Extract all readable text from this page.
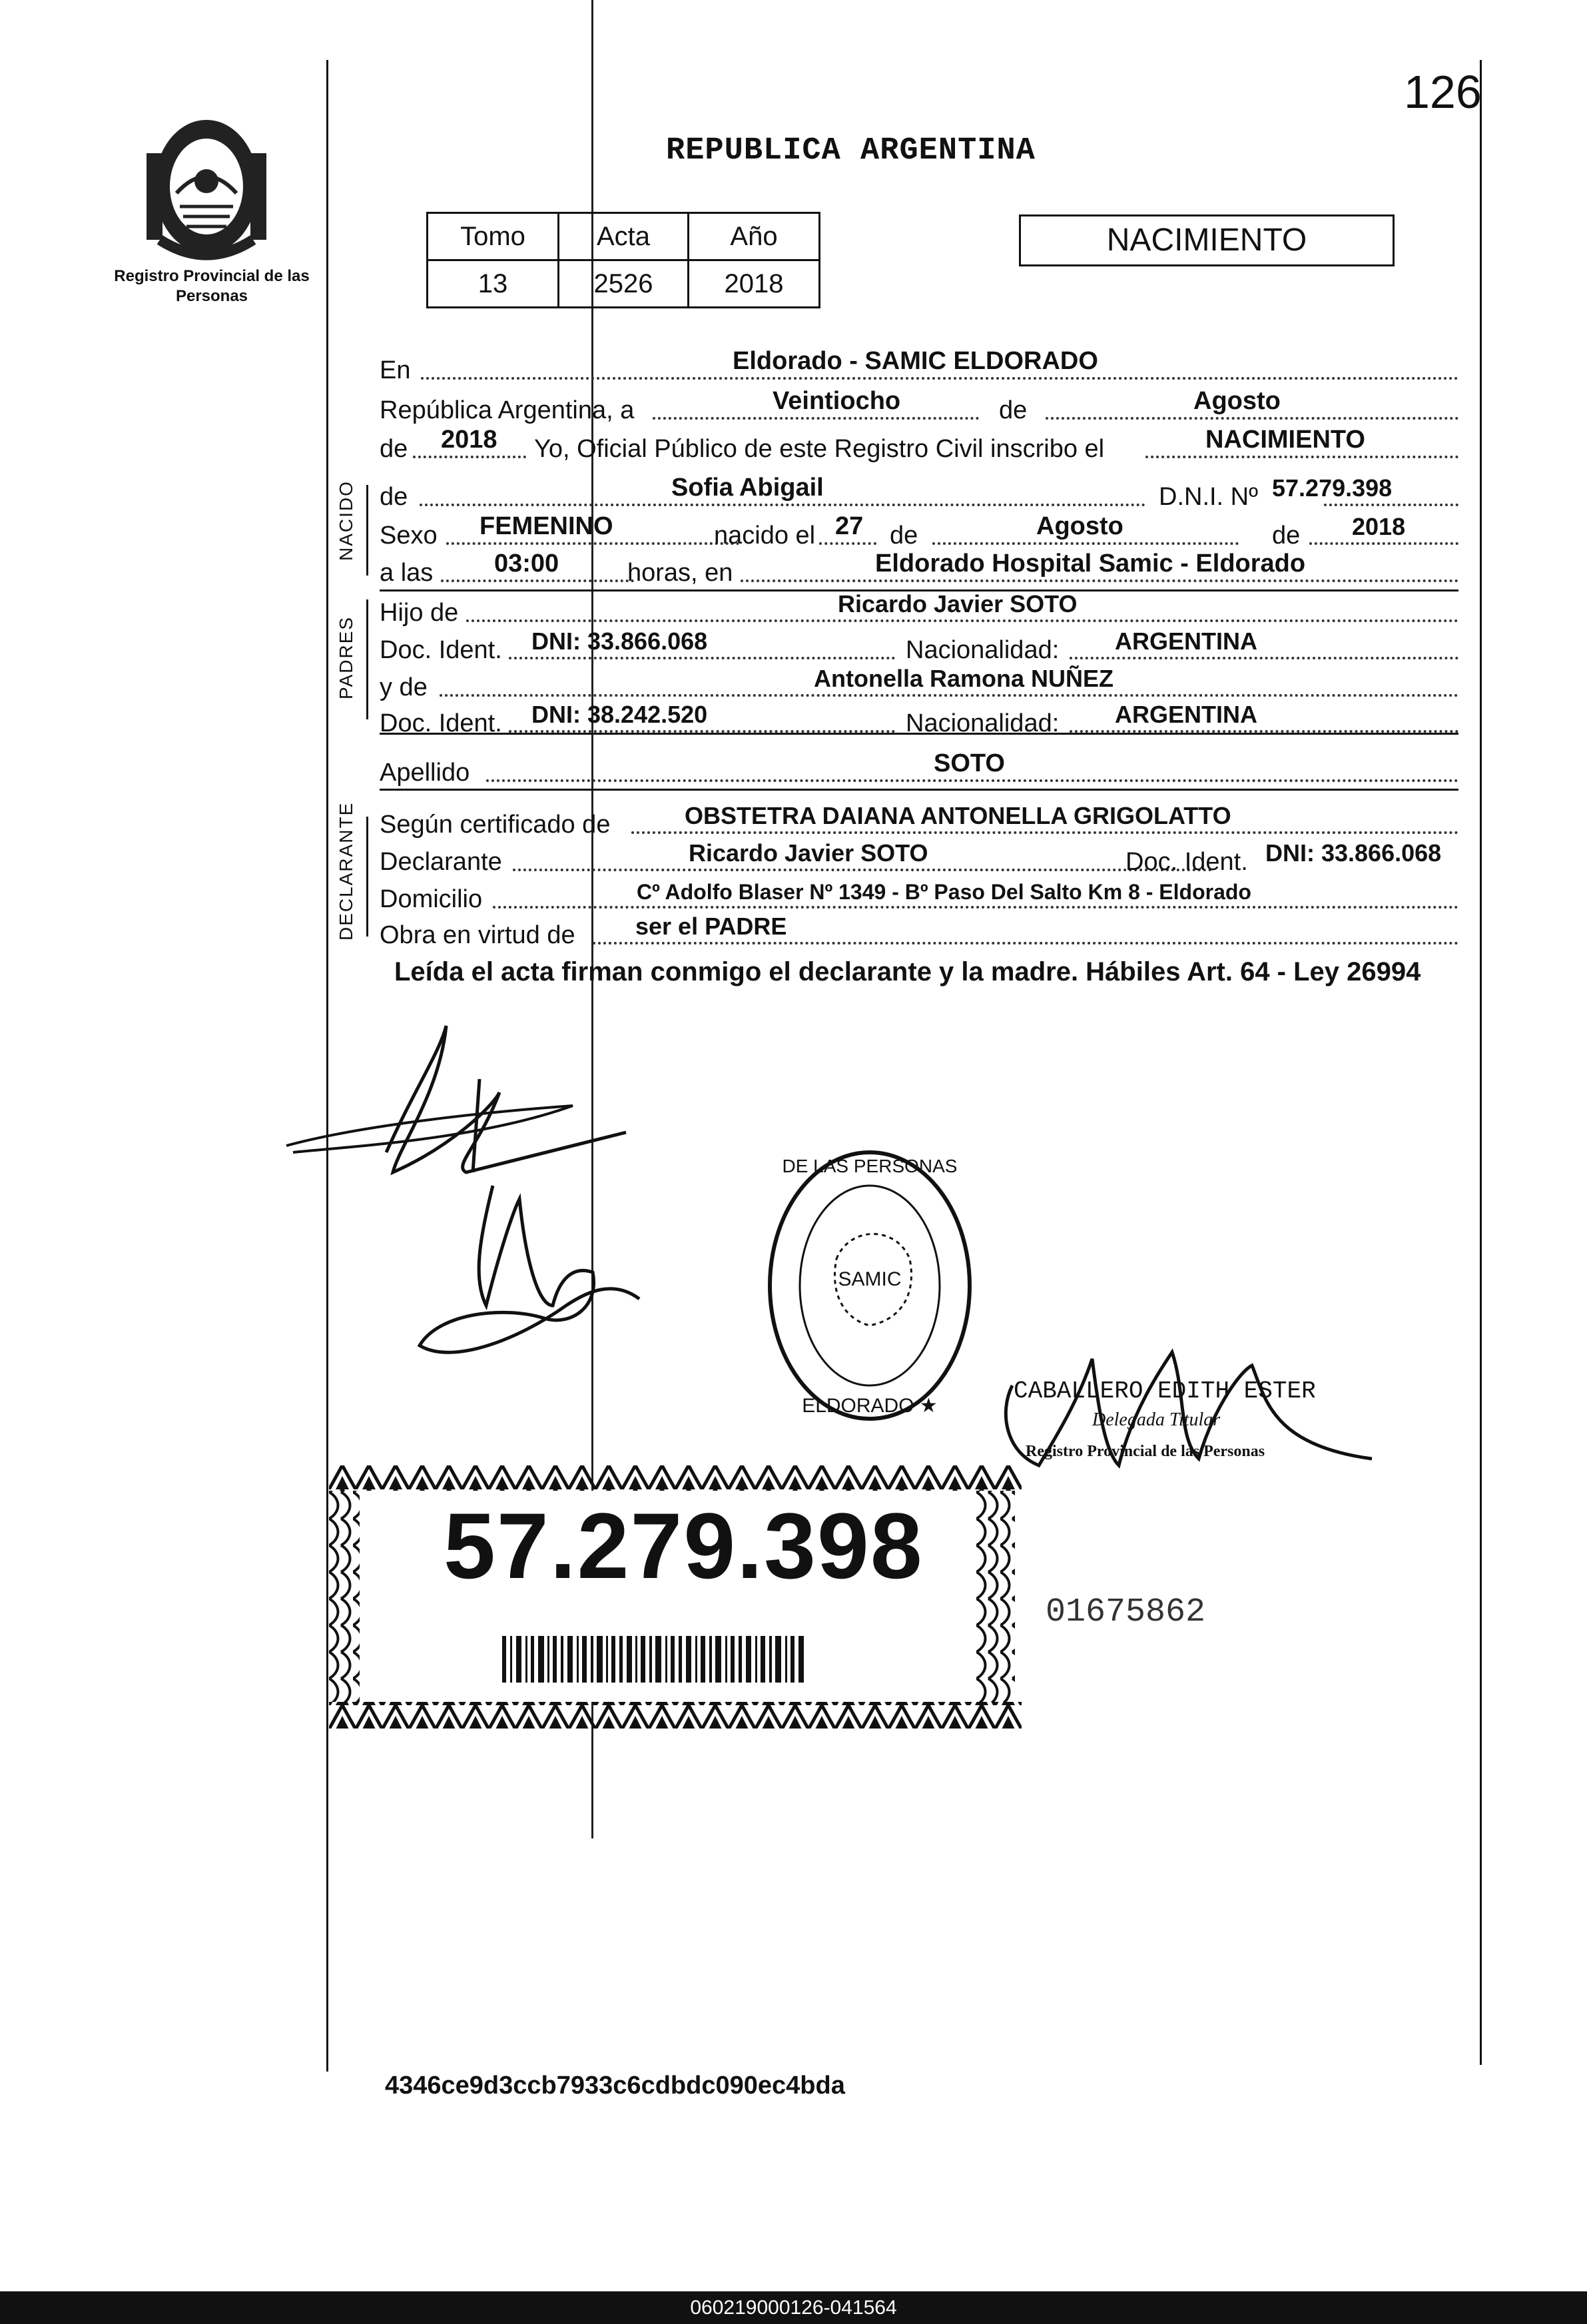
126
Registro Provincial de las Personas
REPUBLICA ARGENTINA
Tomo	Acta	Año
13	2526	2018
NACIMIENTO
En	Eldorado - SAMIC ELDORADO
República Argentina, a	Veintiocho	de	Agosto
de 2018 Yo, Oficial Público de este Registro Civil inscribo el	NACIMIENTO
NACIDO de	Sofia Abigail	D.N.I. Nº 57.279.398
Sexo FEMENINO	nacido el 27 de	Agosto	de 2018
a las 03:00	horas, en	Eldorado Hospital Samic - Eldorado
PADRES
Hijo de	Ricardo Javier SOTO
Doc. Ident. DNI: 33.866.068	Nacionalidad: ARGENTINA
y de	Antonella Ramona NUÑEZ
Doc. Ident. DNI: 38.242.520	Nacionalidad: ARGENTINA
Apellido	SOTO
DECLARANTE Según certificado de	OBSTETRA DAIANA ANTONELLA GRIGOLATTO
Declarante	Ricardo Javier SOTO	Doc. Ident. DNI: 33.866.068
Domicilio	Cº Adolfo Blaser Nº 1349 - Bº Paso Del Salto Km 8 - Eldorado
Obra en virtud de	ser el PADRE
Leída el acta firman conmigo el declarante y la madre. Hábiles Art. 64 - Ley 26994
DE LAS PERSONAS
ELDORADO ★
SAMIC
CABALLERO EDITH ESTER
Delegada Titular
Registro Provincial de las Personas
57.279.398
01675862
4346ce9d3ccb7933c6cdbdc090ec4bda
060219000126-041564
